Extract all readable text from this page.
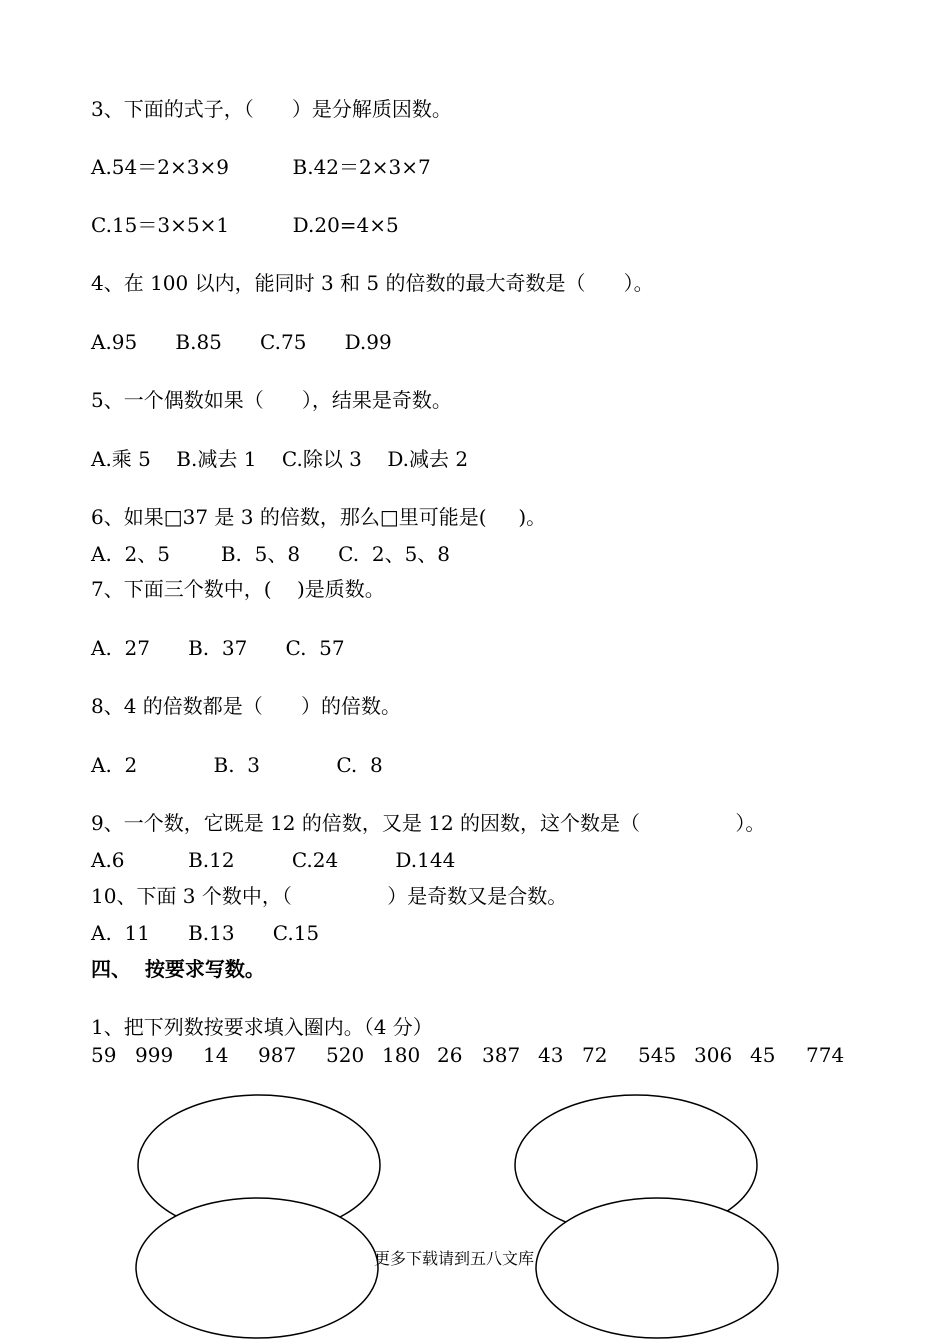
3、下面的式子，（      ）是分解质因数。
A.54＝2×3×9          B.42＝2×3×7
C.15＝3×5×1          D.20=4×5
4、在 100 以内，能同时 3 和 5 的倍数的最大奇数是（      ）。
A.95      B.85      C.75      D.99
5、一个偶数如果（      ），结果是奇数。
A.乘 5    B.减去 1    C.除以 3    D.减去 2
6、如果□37 是 3 的倍数，那么□里可能是(     )。
A.  2、5        B.  5、8      C.  2、5、8
7、下面三个数中，(    )是质数。
A.  27      B.  37      C.  57
8、4 的倍数都是（      ）的倍数。
A.  2            B.  3            C.  8
9、一个数，它既是 12 的倍数，又是 12 的因数，这个数是（               ）。
A.6          B.12         C.24         D.144
10、下面 3 个数中，（               ）是奇数又是合数。
A.  11      B.13      C.15
四、  按要求写数。
1、把下列数按要求填入圈内。（4 分）
59 999 14 987 520 180 26 387 43 72 545 306 45 774
更多下载请到五八文库
